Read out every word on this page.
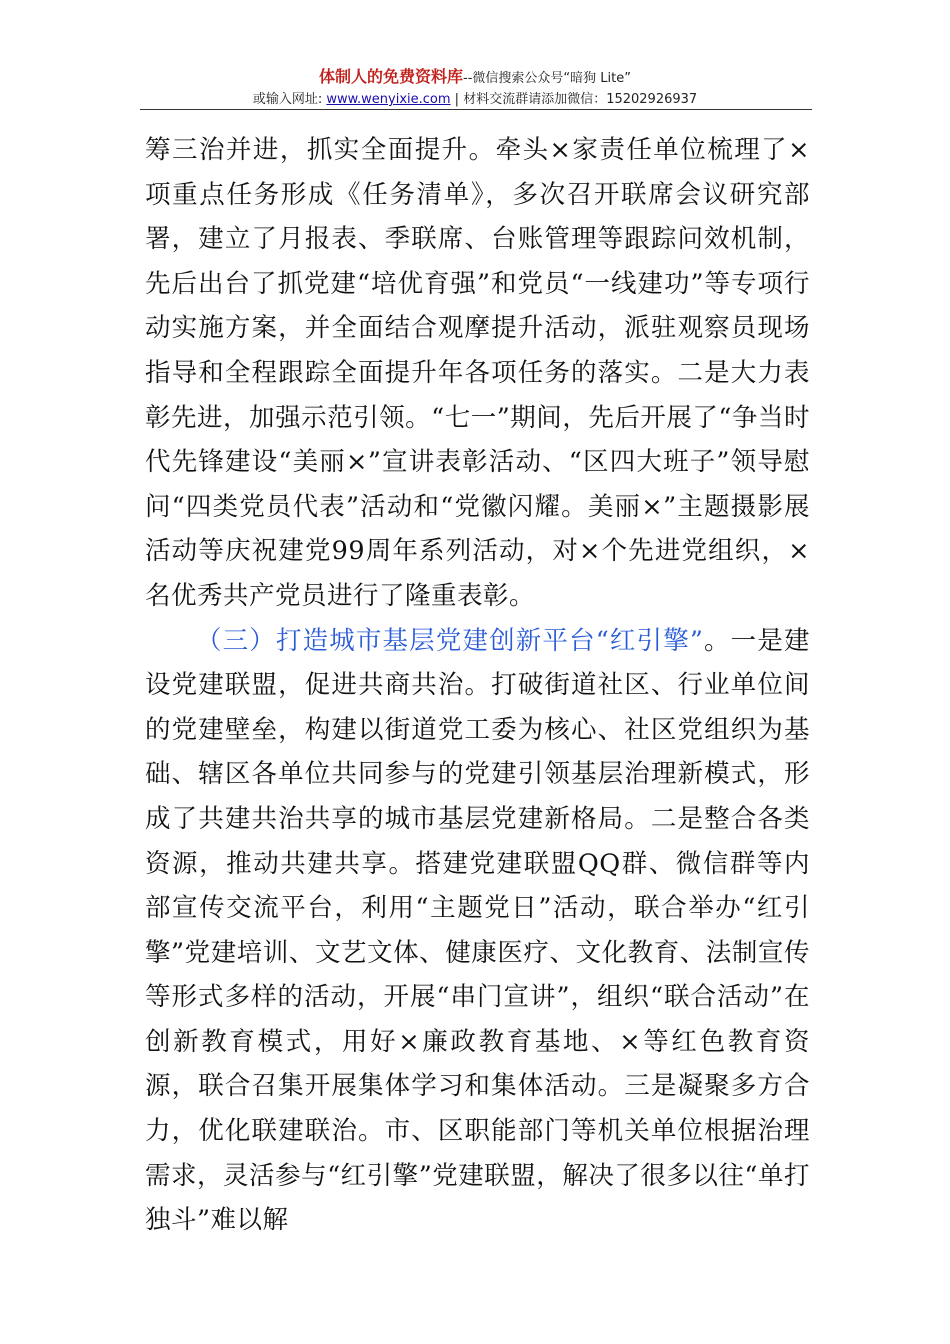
体制人的免费资料库--微信搜索公众号“暗狗 Lite”
或输入网址: www.wenyixie.com | 材料交流群请添加微信：15202926937

筹三治并进，抓实全面提升。牵头×家责任单位梳理了×项重点任务形成《任务清单》，多次召开联席会议研究部署，建立了月报表、季联席、台账管理等跟踪问效机制，先后出台了抓党建“培优育强”和党员“一线建功”等专项行动实施方案，并全面结合观摩提升活动，派驻观察员现场指导和全程跟踪全面提升年各项任务的落实。二是大力表彰先进，加强示范引领。“七一”期间，先后开展了“争当时代先锋建设“美丽×”宣讲表彰活动、“区四大班子”领导慰问“四类党员代表”活动和“党徽闪耀。美丽×”主题摄影展活动等庆祝建党99周年系列活动，对×个先进党组织，×名优秀共产党员进行了隆重表彰。

（三）打造城市基层党建创新平台“红引擎”。一是建设党建联盟，促进共商共治。打破街道社区、行业单位间的党建壁垒，构建以街道党工委为核心、社区党组织为基础、辖区各单位共同参与的党建引领基层治理新模式，形成了共建共治共享的城市基层党建新格局。二是整合各类资源，推动共建共享。搭建党建联盟QQ群、微信群等内部宣传交流平台，利用“主题党日”活动，联合举办“红引擎”党建培训、文艺文体、健康医疗、文化教育、法制宣传等形式多样的活动，开展“串门宣讲”，组织“联合活动”在创新教育模式，用好×廉政教育基地、×等红色教育资源，联合召集开展集体学习和集体活动。三是凝聚多方合力，优化联建联治。市、区职能部门等机关单位根据治理需求，灵活参与“红引擎”党建联盟，解决了很多以往“单打独斗”难以解
